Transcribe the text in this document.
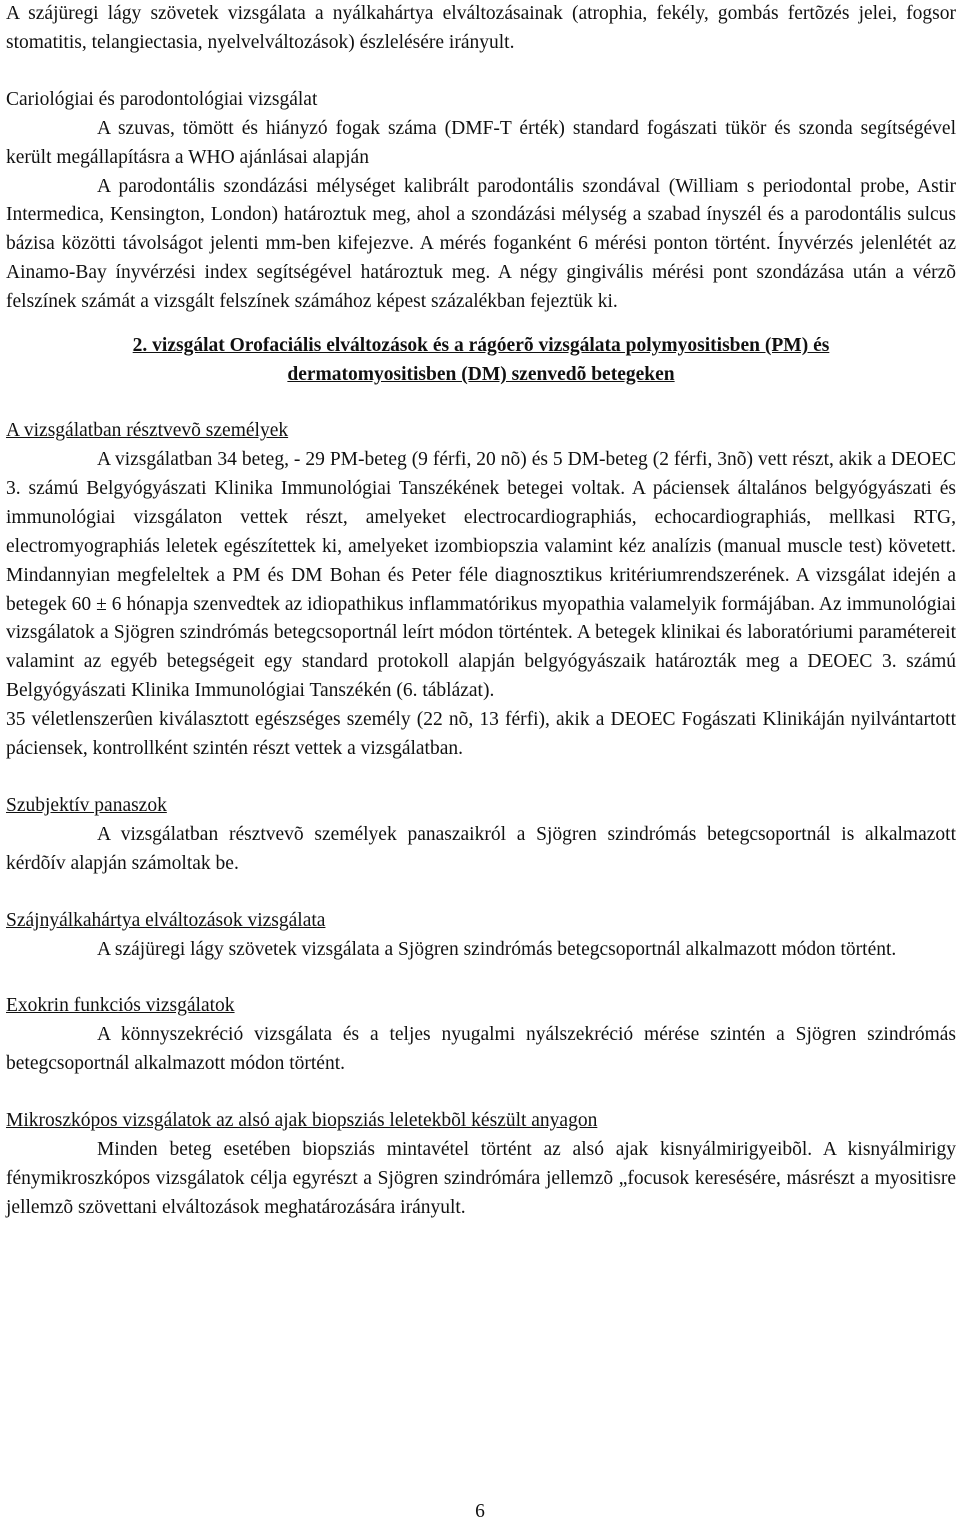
A szájüregi lágy szövetek vizsgálata a nyálkahártya elváltozásainak (atrophia, fekély, gombás fertõzés jelei, fogsor stomatitis, telangiectasia, nyelvelváltozások) észlelésére irányult.

Cariológiai és parodontológiai vizsgálat

A szuvas, tömött és hiányzó fogak száma (DMF-T érték) standard fogászati tükör és szonda segítségével került megállapításra a WHO ajánlásai alapján

A parodontális szondázási mélységet kalibrált parodontális szondával (William s periodontal probe, Astir Intermedica, Kensington, London) határoztuk meg, ahol a szondázási mélység a szabad ínyszél és a parodontális sulcus bázisa közötti távolságot jelenti mm-ben kifejezve. A mérés foganként 6 mérési ponton történt. Ínyvérzés jelenlétét az Ainamo-Bay ínyvérzési index segítségével határoztuk meg. A négy gingivális mérési pont szondázása után a vérzõ felszínek számát a vizsgált felszínek számához képest százalékban fejeztük ki.

2. vizsgálat Orofaciális elváltozások és a rágóerõ vizsgálata polymyositisben (PM) és
dermatomyositisben (DM) szenvedõ betegeken
A vizsgálatban résztvevõ személyek

A vizsgálatban 34 beteg, - 29 PM-beteg (9 férfi, 20 nõ) és 5 DM-beteg (2 férfi, 3nõ) vett részt, akik a DEOEC 3. számú Belgyógyászati Klinika Immunológiai Tanszékének betegei voltak. A páciensek általános belgyógyászati és immunológiai vizsgálaton vettek részt, amelyeket electrocardiographiás, echocardiographiás, mellkasi RTG, electromyographiás leletek egészítettek ki, amelyeket izombiopszia valamint kéz analízis (manual muscle test) követett. Mindannyian megfeleltek a PM és DM Bohan és Peter féle diagnosztikus kritériumrendszerének. A vizsgálat idején a betegek 60 ± 6 hónapja szenvedtek az idiopathikus inflammatórikus myopathia valamelyik formájában. Az immunológiai vizsgálatok a Sjögren szindrómás betegcsoportnál leírt módon történtek. A betegek klinikai és laboratóriumi paramétereit valamint az egyéb betegségeit egy standard protokoll alapján belgyógyászaik határozták meg a DEOEC 3. számú Belgyógyászati Klinika Immunológiai Tanszékén (6. táblázat).

35 véletlenszerûen kiválasztott egészséges személy (22 nõ, 13 férfi), akik a DEOEC Fogászati Klinikáján nyilvántartott páciensek, kontrollként szintén részt vettek a vizsgálatban.

Szubjektív panaszok

A vizsgálatban résztvevõ személyek panaszaikról a Sjögren szindrómás betegcsoportnál is alkalmazott kérdõív alapján számoltak be.

Szájnyálkahártya elváltozások vizsgálata

A szájüregi lágy szövetek vizsgálata a Sjögren szindrómás betegcsoportnál alkalmazott módon történt.

Exokrin funkciós vizsgálatok

A könnyszekréció vizsgálata és a teljes nyugalmi nyálszekréció mérése szintén a Sjögren szindrómás betegcsoportnál alkalmazott módon történt.

Mikroszkópos vizsgálatok az alsó ajak biopsziás leletekbõl készült anyagon

Minden beteg esetében biopsziás mintavétel történt az alsó ajak kisnyálmirigyeibõl. A kisnyálmirigy fénymikroszkópos vizsgálatok célja egyrészt a Sjögren szindrómára jellemzõ „focusok keresésére, másrészt a myositisre jellemzõ szövettani elváltozások meghatározására irányult.

6
